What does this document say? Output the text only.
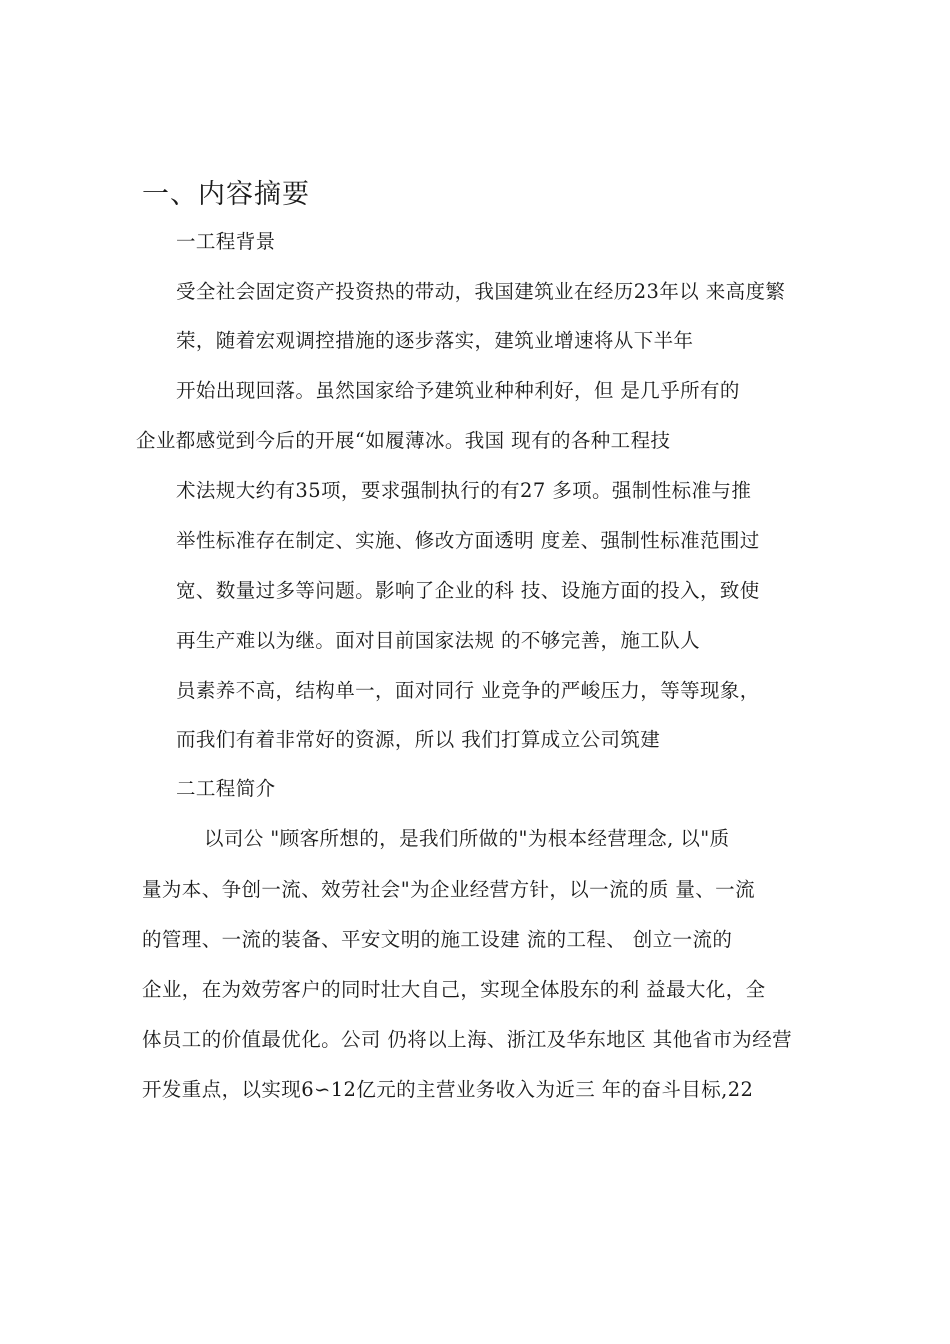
一、内容摘要
一工程背景
受全社会固定资产投资热的带动，我国建筑业在经历23年以 来高度繁
荣，随着宏观调控措施的逐步落实，建筑业增速将从下半年
开始出现回落。虽然国家给予建筑业种种利好，但 是几乎所有的
企业都感觉到今后的开展“如履薄冰。我国 现有的各种工程技
术法规大约有35项，要求强制执行的有27 多项。强制性标准与推
举性标准存在制定、实施、修改方面透明 度差、强制性标准范围过
宽、数量过多等问题。影响了企业的科 技、设施方面的投入，致使
再生产难以为继。面对目前国家法规 的不够完善，施工队人
员素养不高，结构单一，面对同行 业竞争的严峻压力，等等现象，
而我们有着非常好的资源，所以 我们打算成立公司筑建
二工程简介
以司公 "顾客所想的，是我们所做的"为根本经营理念, 以"质
量为本、争创一流、效劳社会"为企业经营方针，以一流的质 量、一流
的管理、一流的装备、平安文明的施工设建 流的工程、 创立一流的
企业，在为效劳客户的同时壮大自己，实现全体股东的利 益最大化，全
体员工的价值最优化。公司 仍将以上海、浙江及华东地区 其他省市为经营
开发重点，以实现6∽12亿元的主营业务收入为近三 年的奋斗目标,22
